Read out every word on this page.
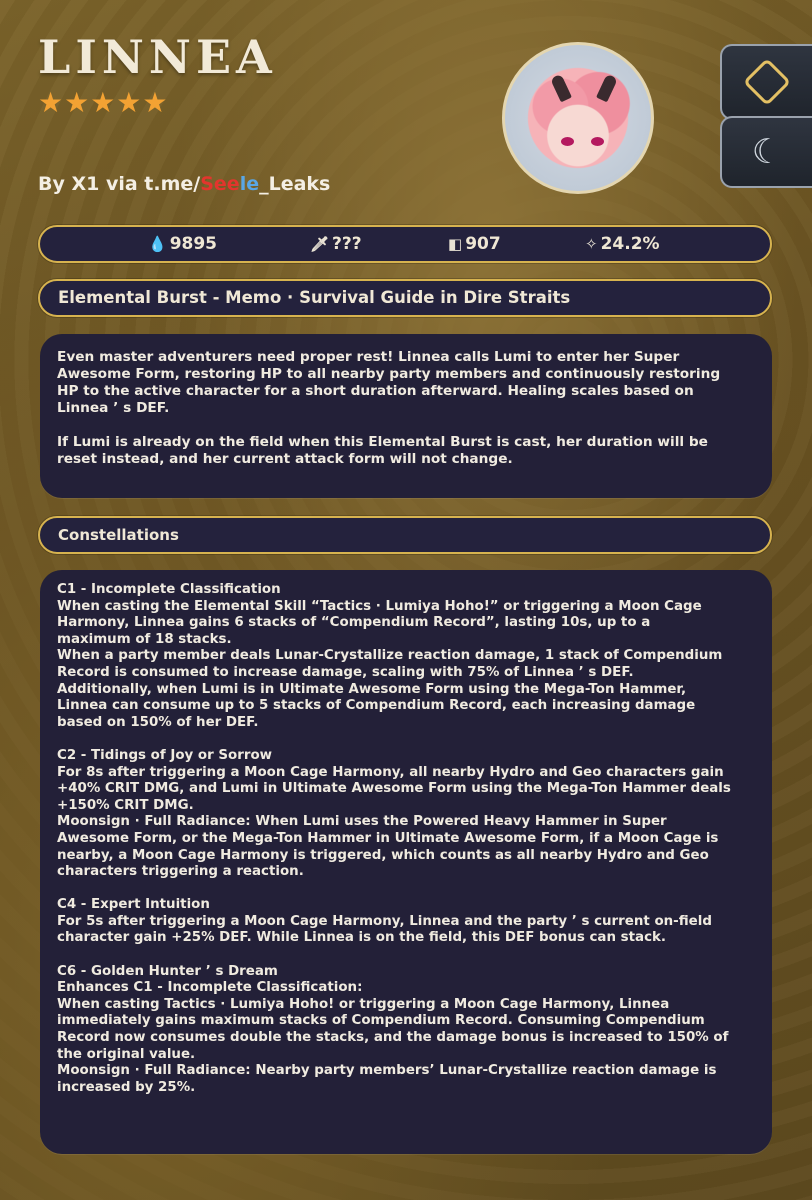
LINNEA
★★★★★
By X1 via t.me/Seele_Leaks
☾
💧 9895	🗡 ???	◧ 907	✧ 24.2%
Elemental Burst - Memo · Survival Guide in Dire Straits
Even master adventurers need proper rest! Linnea calls Lumi to enter her Super
Awesome Form, restoring HP to all nearby party members and continuously restoring
HP to the active character for a short duration afterward. Healing scales based on
Linnea ’ s DEF.
If Lumi is already on the field when this Elemental Burst is cast, her duration will be
reset instead, and her current attack form will not change.
Constellations
C1 - Incomplete Classification
When casting the Elemental Skill “Tactics · Lumiya Hoho!” or triggering a Moon Cage
Harmony, Linnea gains 6 stacks of “Compendium Record”, lasting 10s, up to a
maximum of 18 stacks.
When a party member deals Lunar-Crystallize reaction damage, 1 stack of Compendium
Record is consumed to increase damage, scaling with 75% of Linnea ’ s DEF.
Additionally, when Lumi is in Ultimate Awesome Form using the Mega-Ton Hammer,
Linnea can consume up to 5 stacks of Compendium Record, each increasing damage
based on 150% of her DEF.
C2 - Tidings of Joy or Sorrow
For 8s after triggering a Moon Cage Harmony, all nearby Hydro and Geo characters gain
+40% CRIT DMG, and Lumi in Ultimate Awesome Form using the Mega-Ton Hammer deals
+150% CRIT DMG.
Moonsign · Full Radiance: When Lumi uses the Powered Heavy Hammer in Super
Awesome Form, or the Mega-Ton Hammer in Ultimate Awesome Form, if a Moon Cage is
nearby, a Moon Cage Harmony is triggered, which counts as all nearby Hydro and Geo
characters triggering a reaction.
C4 - Expert Intuition
For 5s after triggering a Moon Cage Harmony, Linnea and the party ’ s current on-field
character gain +25% DEF. While Linnea is on the field, this DEF bonus can stack.
C6 - Golden Hunter ’ s Dream
Enhances C1 - Incomplete Classification:
When casting Tactics · Lumiya Hoho! or triggering a Moon Cage Harmony, Linnea
immediately gains maximum stacks of Compendium Record. Consuming Compendium
Record now consumes double the stacks, and the damage bonus is increased to 150% of
the original value.
Moonsign · Full Radiance: Nearby party members’ Lunar-Crystallize reaction damage is
increased by 25%.
